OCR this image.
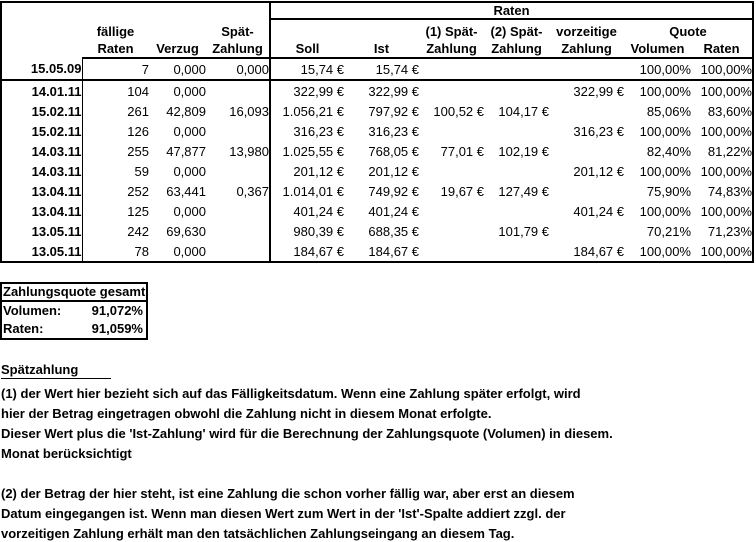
				Raten						
	fällige		Spät-			(1) Spät-	(2) Spät-	vorzeitige	Quote	
	Raten	Verzug	Zahlung	Soll	Ist	Zahlung	Zahlung	Zahlung	Volumen	Raten
15.05.09	7	0,000	0,000	15,74 €	15,74 €				100,00%	100,00%
14.01.11	104	0,000		322,99 €	322,99 €			322,99 €	100,00%	100,00%
15.02.11	261	42,809	16,093	1.056,21 €	797,92 €	100,52 €	104,17 €		85,06%	83,60%
15.02.11	126	0,000		316,23 €	316,23 €			316,23 €	100,00%	100,00%
14.03.11	255	47,877	13,980	1.025,55 €	768,05 €	77,01 €	102,19 €		82,40%	81,22%
14.03.11	59	0,000		201,12 €	201,12 €			201,12 €	100,00%	100,00%
13.04.11	252	63,441	0,367	1.014,01 €	749,92 €	19,67 €	127,49 €		75,90%	74,83%
13.04.11	125	0,000		401,24 €	401,24 €			401,24 €	100,00%	100,00%
13.05.11	242	69,630		980,39 €	688,35 €		101,79 €		70,21%	71,23%
13.05.11	78	0,000		184,67 €	184,67 €			184,67 €	100,00%	100,00%
Zahlungsquote gesamt
Volumen: 91,072%
Raten:	91,059%
Spätzahlung
(1) der Wert hier bezieht sich auf das Fälligkeitsdatum. Wenn eine Zahlung später erfolgt, wird
hier der Betrag eingetragen obwohl die Zahlung nicht in diesem Monat erfolgte.
Dieser Wert plus die 'Ist-Zahlung' wird für die Berechnung der Zahlungsquote (Volumen) in diesem.
Monat berücksichtigt
(2) der Betrag der hier steht, ist eine Zahlung die schon vorher fällig war, aber erst an diesem
Datum eingegangen ist. Wenn man diesen Wert zum Wert in der 'Ist'-Spalte addiert zzgl. der
vorzeitigen Zahlung erhält man den tatsächlichen Zahlungseingang an diesem Tag.
